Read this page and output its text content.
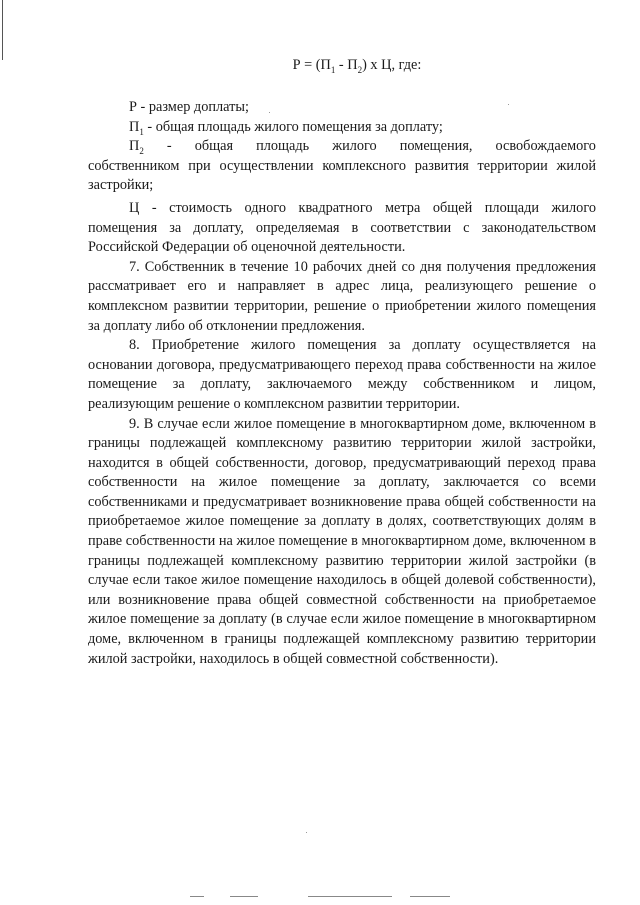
$Р = (П_1 - П_2)$ х Ц, где:

Р - размер доплаты;

$П_1$ - общая площадь жилого помещения за доплату;

$П_2$ - общая площадь жилого помещения, освобождаемого

собственником при осуществлении комплексного развития территории жилой застройки;

Ц - стоимость одного квадратного метра общей площади жилого помещения за доплату, определяемая в соответствии с законодательством Российской Федерации об оценочной деятельности.

7. Собственник в течение 10 рабочих дней со дня получения предложения рассматривает его и направляет в адрес лица, реализующего решение о комплексном развитии территории, решение о приобретении жилого помещения за доплату либо об отклонении предложения.

8. Приобретение жилого помещения за доплату осуществляется на основании договора, предусматривающего переход права собственности на жилое помещение за доплату, заключаемого между собственником и лицом, реализующим решение о комплексном развитии территории.

9. В случае если жилое помещение в многоквартирном доме, включенном в границы подлежащей комплексному развитию территории жилой застройки, находится в общей собственности, договор, предусматривающий переход права собственности на жилое помещение за доплату, заключается со всеми собственниками и предусматривает возникновение права общей собственности на приобретаемое жилое помещение за доплату в долях, соответствующих долям в праве собственности на жилое помещение в многоквартирном доме, включенном в границы подлежащей комплексному развитию территории жилой застройки (в случае если такое жилое помещение находилось в общей долевой собственности), или возникновение права общей совместной собственности на приобретаемое жилое помещение за доплату (в случае если жилое помещение в многоквартирном доме, включенном в границы подлежащей комплексному развитию территории жилой застройки, находилось в общей совместной собственности).
